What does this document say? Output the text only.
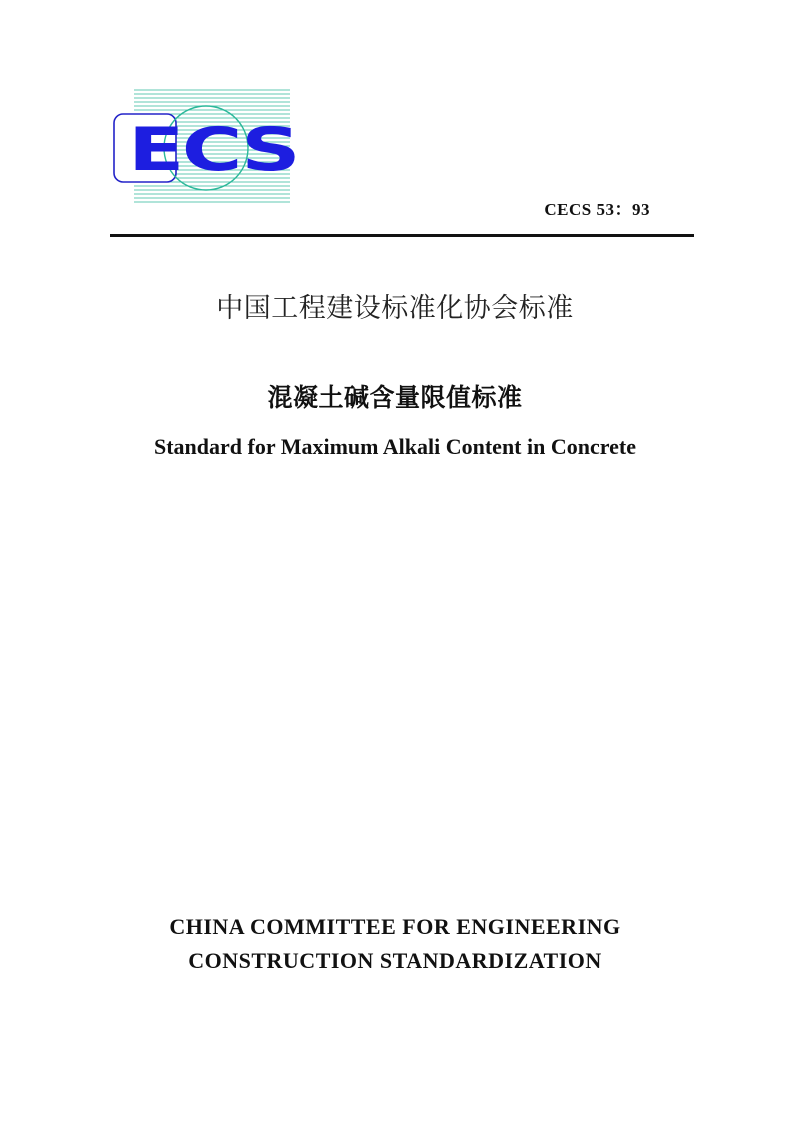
ECS
CECS 53：93
中国工程建设标准化协会标准
混凝土碱含量限值标准
Standard for Maximum Alkali Content in Concrete
CHINA COMMITTEE FOR ENGINEERING
CONSTRUCTION STANDARDIZATION
